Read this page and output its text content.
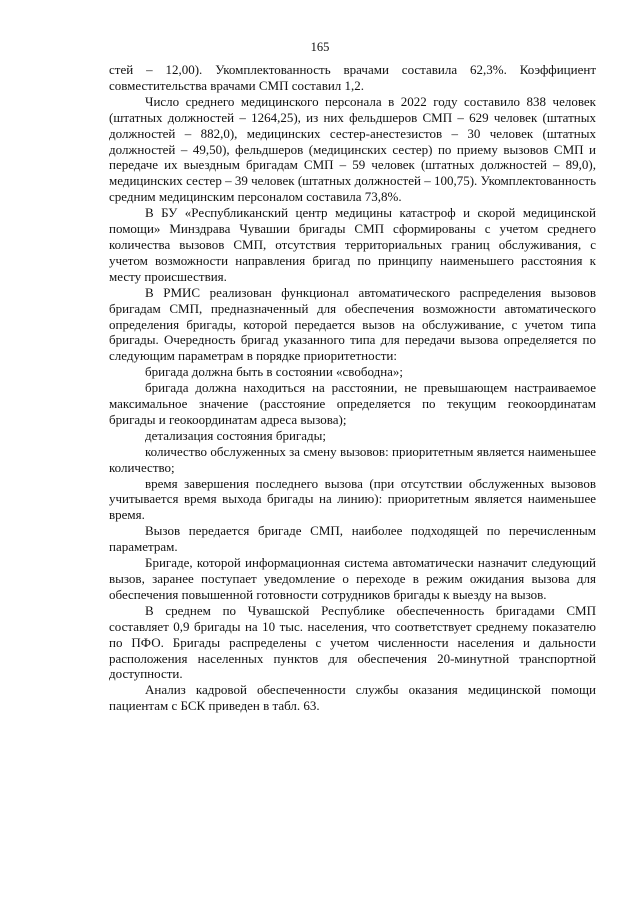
165

стей – 12,00). Укомплектованность врачами составила 62,3%. Коэффициент совместительства врачами СМП составил 1,2.

Число среднего медицинского персонала в 2022 году составило 838 человек (штатных должностей – 1264,25), из них фельдшеров СМП – 629 человек (штатных должностей – 882,0), медицинских сестер-анестезистов – 30 человек (штатных должностей – 49,50), фельдшеров (медицинских сестер) по приему вызовов СМП и передаче их выездным бригадам СМП – 59 человек (штатных должностей – 89,0), медицинских сестер – 39 человек (штатных должностей – 100,75). Укомплектованность средним медицинским персоналом составила 73,8%.

В БУ «Республиканский центр медицины катастроф и скорой медицинской помощи» Минздрава Чувашии бригады СМП сформированы с учетом среднего количества вызовов СМП, отсутствия территориальных границ обслуживания, с учетом возможности направления бригад по принципу наименьшего расстояния к месту происшествия.

В РМИС реализован функционал автоматического распределения вызовов бригадам СМП, предназначенный для обеспечения возможности автоматического определения бригады, которой передается вызов на обслуживание, с учетом типа бригады. Очередность бригад указанного типа для передачи вызова определяется по следующим параметрам в порядке приоритетности:

бригада должна быть в состоянии «свободна»;

бригада должна находиться на расстоянии, не превышающем настраиваемое максимальное значение (расстояние определяется по текущим геокоординатам бригады и геокоординатам адреса вызова);

детализация состояния бригады;

количество обслуженных за смену вызовов: приоритетным является наименьшее количество;

время завершения последнего вызова (при отсутствии обслуженных вызовов учитывается время выхода бригады на линию): приоритетным является наименьшее время.

Вызов передается бригаде СМП, наиболее подходящей по перечисленным параметрам.

Бригаде, которой информационная система автоматически назначит следующий вызов, заранее поступает уведомление о переходе в режим ожидания вызова для обеспечения повышенной готовности сотрудников бригады к выезду на вызов.

В среднем по Чувашской Республике обеспеченность бригадами СМП составляет 0,9 бригады на 10 тыс. населения, что соответствует среднему показателю по ПФО. Бригады распределены с учетом численности населения и дальности расположения населенных пунктов для обеспечения 20-минутной транспортной доступности.

Анализ кадровой обеспеченности службы оказания медицинской помощи пациентам с БСК приведен в табл. 63.
